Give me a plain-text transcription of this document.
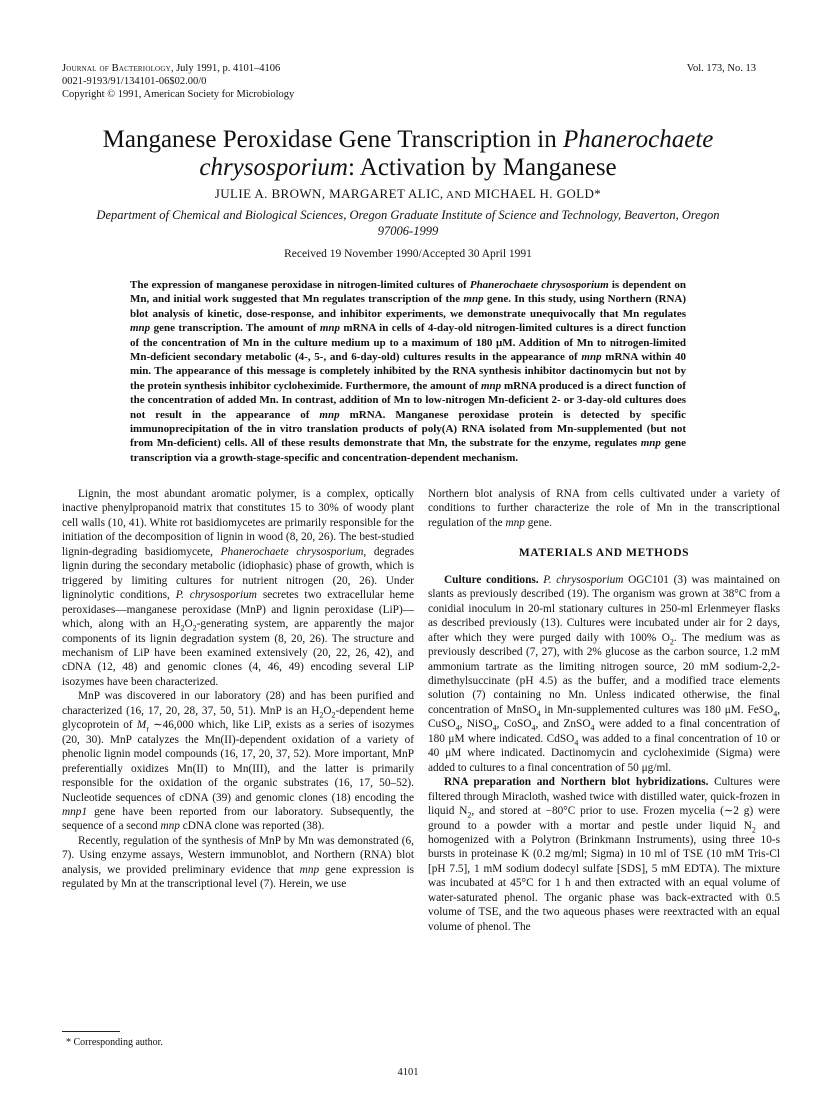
Journal of Bacteriology, July 1991, p. 4101–4106
0021-9193/91/134101-06$02.00/0
Copyright © 1991, American Society for Microbiology
Vol. 173, No. 13
Manganese Peroxidase Gene Transcription in Phanerochaete chrysosporium: Activation by Manganese
JULIE A. BROWN, MARGARET ALIC, AND MICHAEL H. GOLD*
Department of Chemical and Biological Sciences, Oregon Graduate Institute of Science and Technology, Beaverton, Oregon 97006-1999
Received 19 November 1990/Accepted 30 April 1991
The expression of manganese peroxidase in nitrogen-limited cultures of Phanerochaete chrysosporium is dependent on Mn, and initial work suggested that Mn regulates transcription of the mnp gene. In this study, using Northern (RNA) blot analysis of kinetic, dose-response, and inhibitor experiments, we demonstrate unequivocally that Mn regulates mnp gene transcription. The amount of mnp mRNA in cells of 4-day-old nitrogen-limited cultures is a direct function of the concentration of Mn in the culture medium up to a maximum of 180 μM. Addition of Mn to nitrogen-limited Mn-deficient secondary metabolic (4-, 5-, and 6-day-old) cultures results in the appearance of mnp mRNA within 40 min. The appearance of this message is completely inhibited by the RNA synthesis inhibitor dactinomycin but not by the protein synthesis inhibitor cycloheximide. Furthermore, the amount of mnp mRNA produced is a direct function of the concentration of added Mn. In contrast, addition of Mn to low-nitrogen Mn-deficient 2- or 3-day-old cultures does not result in the appearance of mnp mRNA. Manganese peroxidase protein is detected by specific immunoprecipitation of the in vitro translation products of poly(A) RNA isolated from Mn-supplemented (but not from Mn-deficient) cells. All of these results demonstrate that Mn, the substrate for the enzyme, regulates mnp gene transcription via a growth-stage-specific and concentration-dependent mechanism.

Lignin, the most abundant aromatic polymer, is a complex, optically inactive phenylpropanoid matrix that constitutes 15 to 30% of woody plant cell walls (10, 41). White rot basidiomycetes are primarily responsible for the initiation of the decomposition of lignin in wood (8, 20, 26). The best-studied lignin-degrading basidiomycete, Phanerochaete chrysosporium, degrades lignin during the secondary metabolic (idiophasic) phase of growth, which is triggered by limiting cultures for nutrient nitrogen (20, 26). Under ligninolytic conditions, P. chrysosporium secretes two extracellular heme peroxidases—manganese peroxidase (MnP) and lignin peroxidase (LiP)—which, along with an $H_2O_2$-generating system, are apparently the major components of its lignin degradation system (8, 20, 26). The structure and mechanism of LiP have been examined extensively (20, 22, 26, 42), and cDNA (12, 48) and genomic clones (4, 46, 49) encoding several LiP isozymes have been characterized.

MnP was discovered in our laboratory (28) and has been purified and characterized (16, 17, 20, 28, 37, 50, 51). MnP is an $H_2O_2$-dependent heme glycoprotein of $M_r$ ∼46,000 which, like LiP, exists as a series of isozymes (20, 30). MnP catalyzes the Mn(II)-dependent oxidation of a variety of phenolic lignin model compounds (16, 17, 20, 37, 52). More important, MnP preferentially oxidizes Mn(II) to Mn(III), and the latter is primarily responsible for the oxidation of the organic substrates (16, 17, 50–52). Nucleotide sequences of cDNA (39) and genomic clones (18) encoding the mnp1 gene have been reported from our laboratory. Subsequently, the sequence of a second mnp cDNA clone was reported (38).

Recently, regulation of the synthesis of MnP by Mn was demonstrated (6, 7). Using enzyme assays, Western immunoblot, and Northern (RNA) blot analysis, we provided preliminary evidence that mnp gene expression is regulated by Mn at the transcriptional level (7). Herein, we use

Northern blot analysis of RNA from cells cultivated under a variety of conditions to further characterize the role of Mn in the transcriptional regulation of the mnp gene.

MATERIALS AND METHODS

Culture conditions. P. chrysosporium OGC101 (3) was maintained on slants as previously described (19). The organism was grown at 38°C from a conidial inoculum in 20-ml stationary cultures in 250-ml Erlenmeyer flasks as described previously (13). Cultures were incubated under air for 2 days, after which they were purged daily with 100% $O_2$. The medium was as previously described (7, 27), with 2% glucose as the carbon source, 1.2 mM ammonium tartrate as the limiting nitrogen source, 20 mM sodium-2,2-dimethylsuccinate (pH 4.5) as the buffer, and a modified trace elements solution (7) containing no Mn. Unless indicated otherwise, the final concentration of MnSO$_4$ in Mn-supplemented cultures was 180 μM. FeSO$_4$, CuSO$_4$, NiSO$_4$, CoSO$_4$, and ZnSO$_4$ were added to a final concentration of 180 μM where indicated. CdSO$_4$ was added to a final concentration of 10 or 40 μM where indicated. Dactinomycin and cycloheximide (Sigma) were added to cultures to a final concentration of 50 μg/ml.

RNA preparation and Northern blot hybridizations. Cultures were filtered through Miracloth, washed twice with distilled water, quick-frozen in liquid $N_2$, and stored at −80°C prior to use. Frozen mycelia (∼2 g) were ground to a powder with a mortar and pestle under liquid $N_2$ and homogenized with a Polytron (Brinkmann Instruments), using three 10-s bursts in proteinase K (0.2 mg/ml; Sigma) in 10 ml of TSE (10 mM Tris-Cl [pH 7.5], 1 mM sodium dodecyl sulfate [SDS], 5 mM EDTA). The mixture was incubated at 45°C for 1 h and then extracted with an equal volume of water-saturated phenol. The organic phase was back-extracted with 0.5 volume of TSE, and the two aqueous phases were reextracted with an equal volume of phenol. The

* Corresponding author.
4101
